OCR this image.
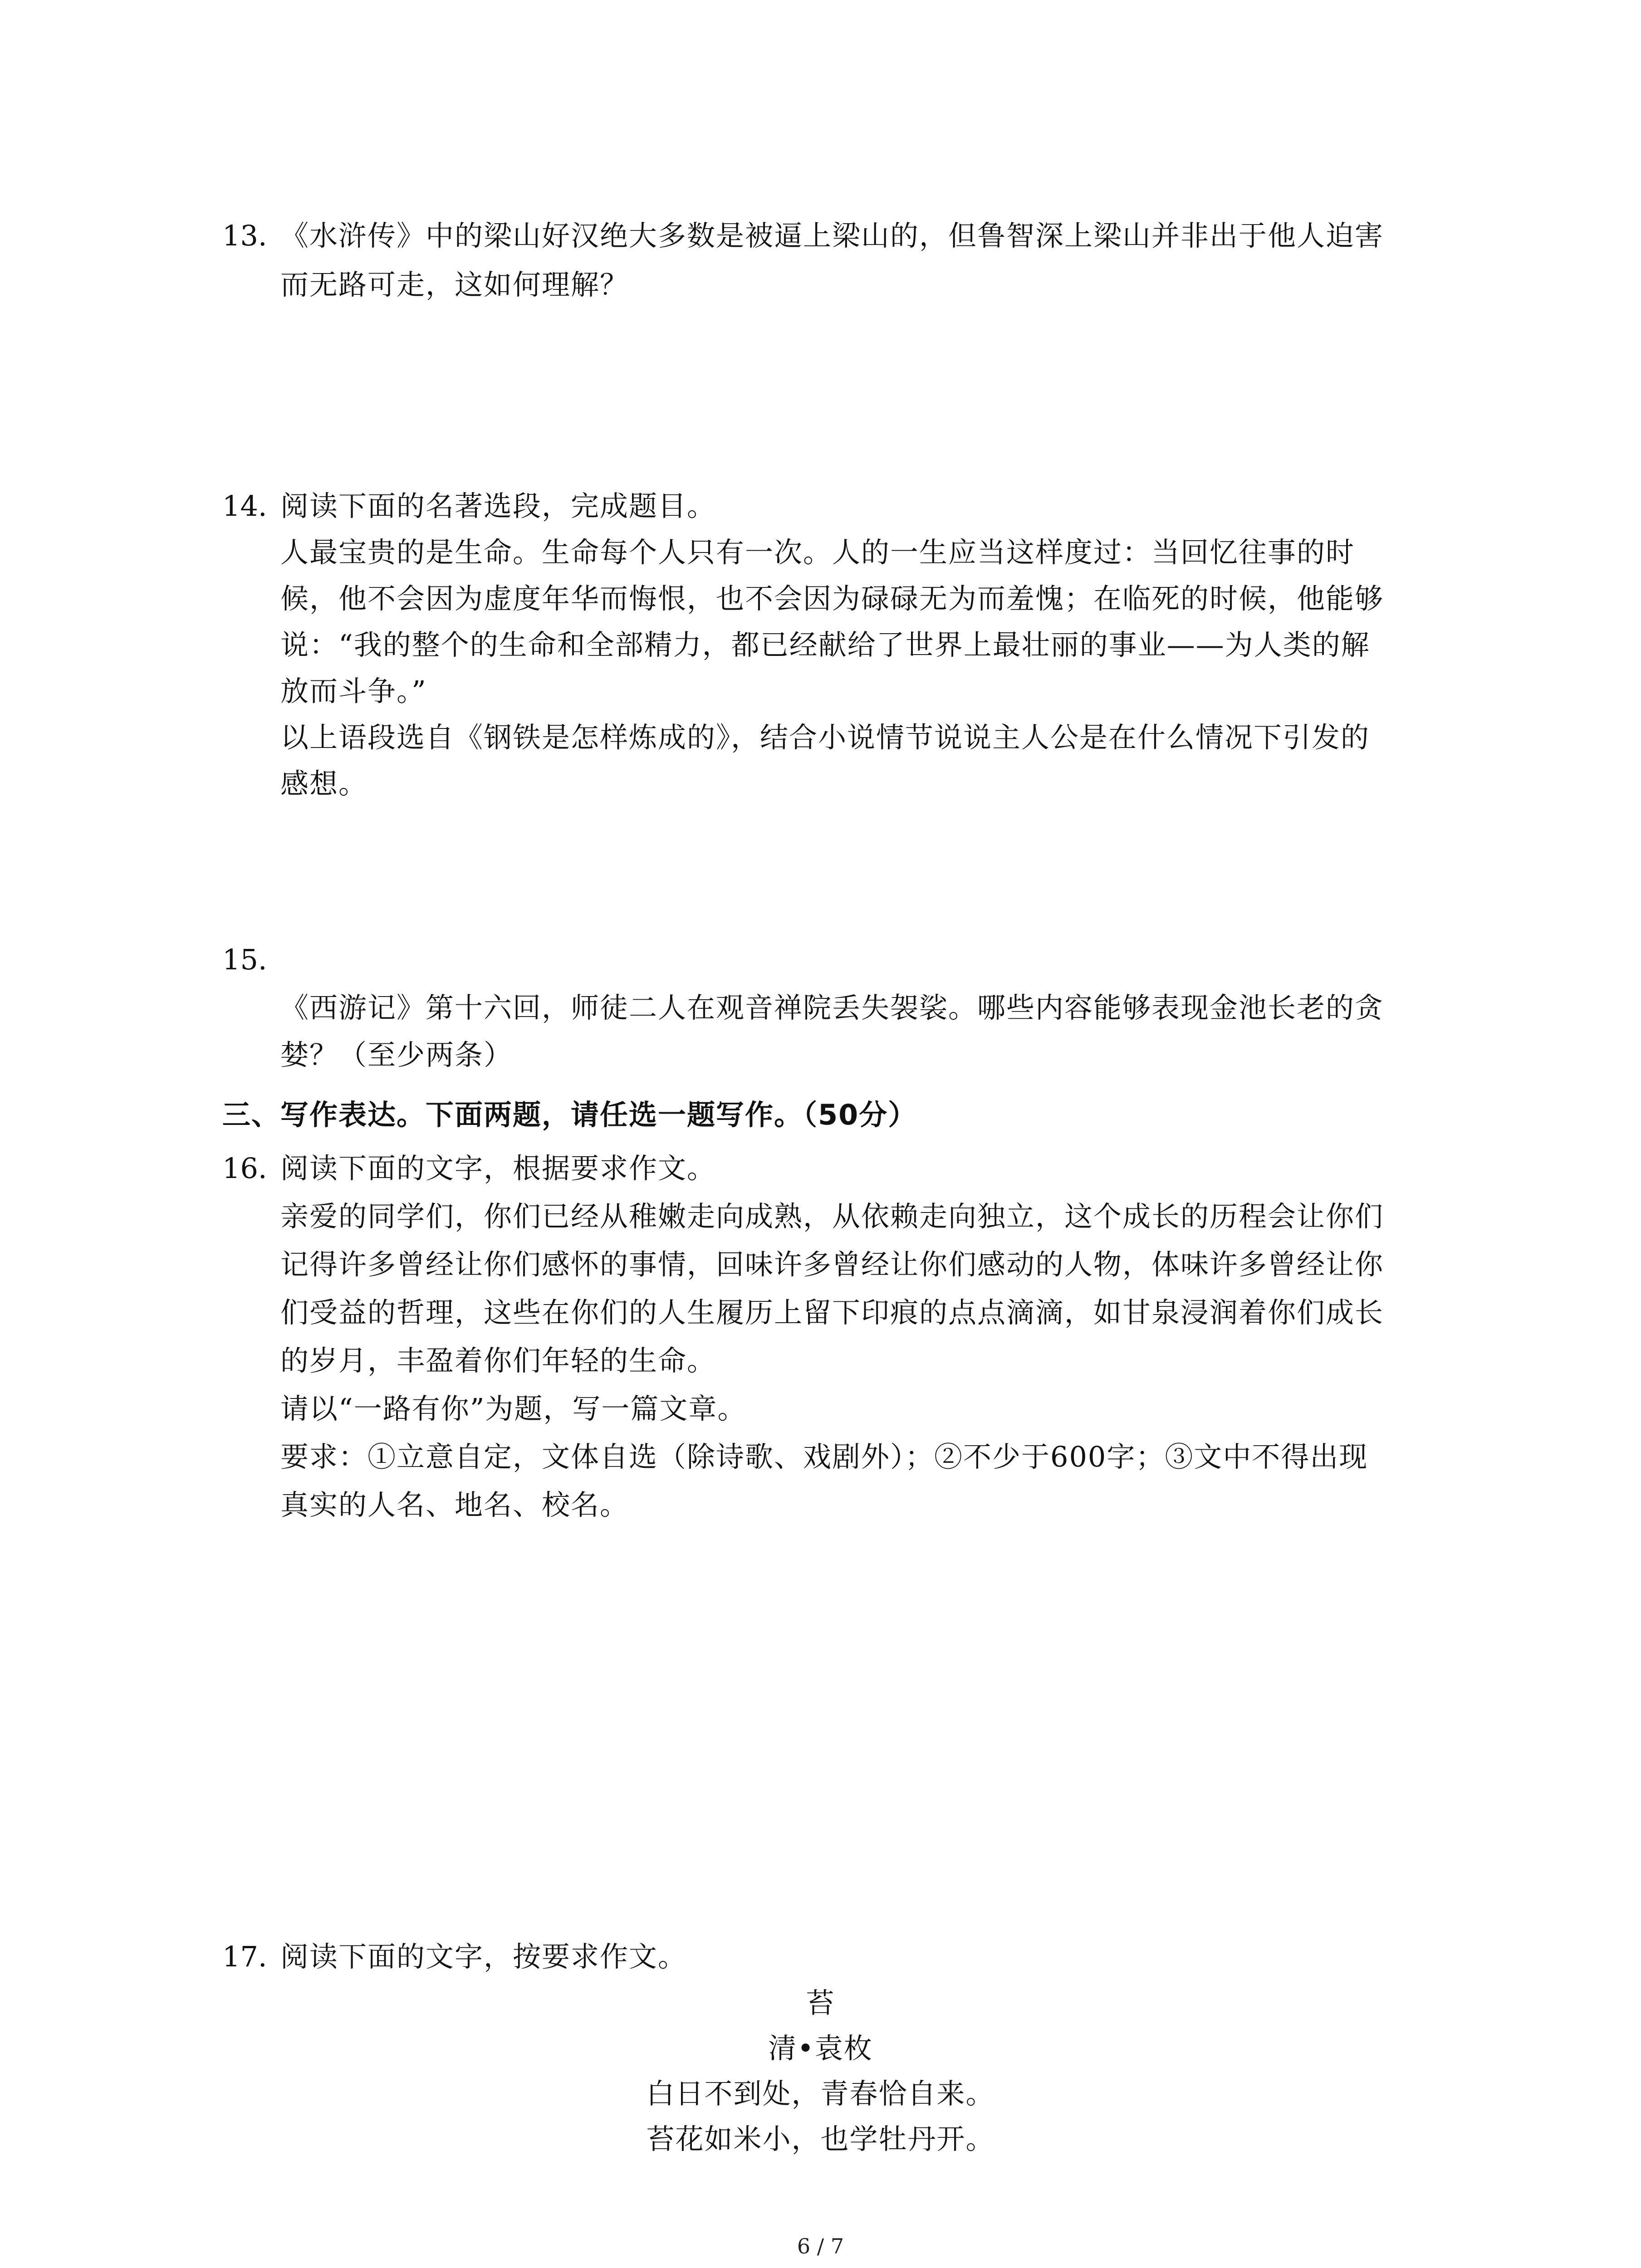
13. 《水浒传》中的梁山好汉绝大多数是被逼上梁山的，但鲁智深上梁山并非出于他人迫害
而无路可走，这如何理解？
14. 阅读下面的名著选段，完成题目。
人最宝贵的是生命。生命每个人只有一次。人的一生应当这样度过：当回忆往事的时
候，他不会因为虚度年华而悔恨，也不会因为碌碌无为而羞愧；在临死的时候，他能够
说：“我的整个的生命和全部精力，都已经献给了世界上最壮丽的事业——为人类的解
放而斗争。”
以上语段选自《钢铁是怎样炼成的》，结合小说情节说说主人公是在什么情况下引发的
感想。
15.
《西游记》第十六回，师徒二人在观音禅院丢失袈裟。哪些内容能够表现金池长老的贪
婪？（至少两条）
三、写作表达。下面两题，请任选一题写作。（50分）
16. 阅读下面的文字，根据要求作文。
亲爱的同学们，你们已经从稚嫩走向成熟，从依赖走向独立，这个成长的历程会让你们
记得许多曾经让你们感怀的事情，回味许多曾经让你们感动的人物，体味许多曾经让你
们受益的哲理，这些在你们的人生履历上留下印痕的点点滴滴，如甘泉浸润着你们成长
的岁月，丰盈着你们年轻的生命。
请以“一路有你”为题，写一篇文章。
要求：①立意自定，文体自选（除诗歌、戏剧外）；②不少于600字；③文中不得出现
真实的人名、地名、校名。
17. 阅读下面的文字，按要求作文。
苔
清•袁枚
白日不到处，青春恰自来。
苔花如米小，也学牡丹开。
6 / 7
